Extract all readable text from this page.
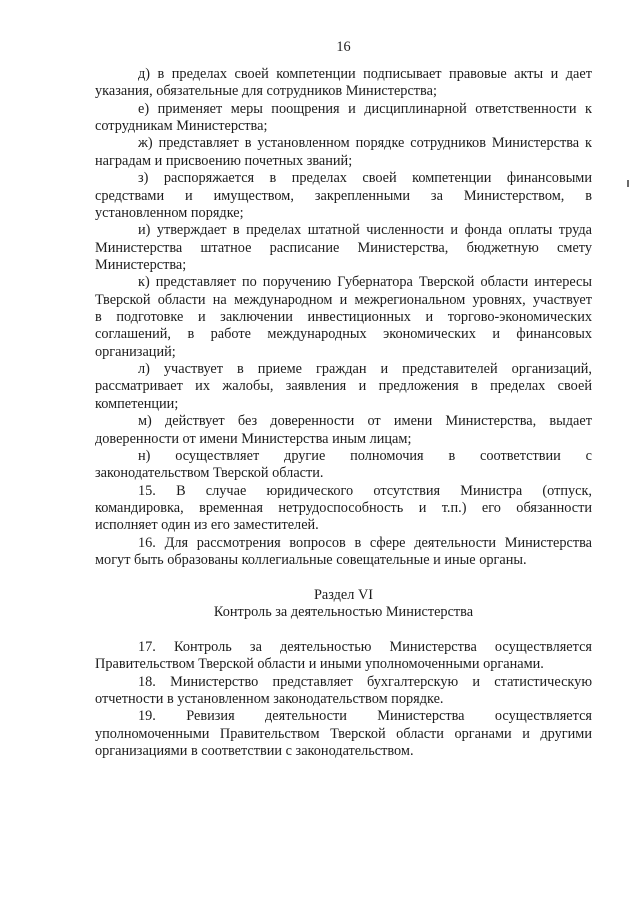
16
д) в пределах своей компетенции подписывает правовые акты и дает
указания, обязательные для сотрудников Министерства;
е) применяет меры поощрения и дисциплинарной ответственности к
сотрудникам Министерства;
ж) представляет в установленном порядке сотрудников Министерства к
наградам и присвоению почетных званий;
з) распоряжается в пределах своей компетенции финансовыми
средствами и имуществом, закрепленными за Министерством, в
установленном порядке;
и) утверждает в пределах штатной численности и фонда оплаты труда
Министерства штатное расписание Министерства, бюджетную смету
Министерства;
к) представляет по поручению Губернатора Тверской области интересы
Тверской области на международном и межрегиональном уровнях, участвует
в подготовке и заключении инвестиционных и торгово-экономических
соглашений, в работе международных экономических и финансовых
организаций;
л) участвует в приеме граждан и представителей организаций,
рассматривает их жалобы, заявления и предложения в пределах своей
компетенции;
м) действует без доверенности от имени Министерства, выдает
доверенности от имени Министерства иным лицам;
н) осуществляет другие полномочия в соответствии с
законодательством Тверской области.
15. В случае юридического отсутствия Министра (отпуск,
командировка, временная нетрудоспособность и т.п.) его обязанности
исполняет один из его заместителей.
16. Для рассмотрения вопросов в сфере деятельности Министерства
могут быть образованы коллегиальные совещательные и иные органы.
Раздел VI
Контроль за деятельностью Министерства
17. Контроль за деятельностью Министерства осуществляется
Правительством Тверской области и иными уполномоченными органами.
18. Министерство представляет бухгалтерскую и статистическую
отчетности в установленном законодательством порядке.
19. Ревизия деятельности Министерства осуществляется
уполномоченными Правительством Тверской области органами и другими
организациями в соответствии с законодательством.
